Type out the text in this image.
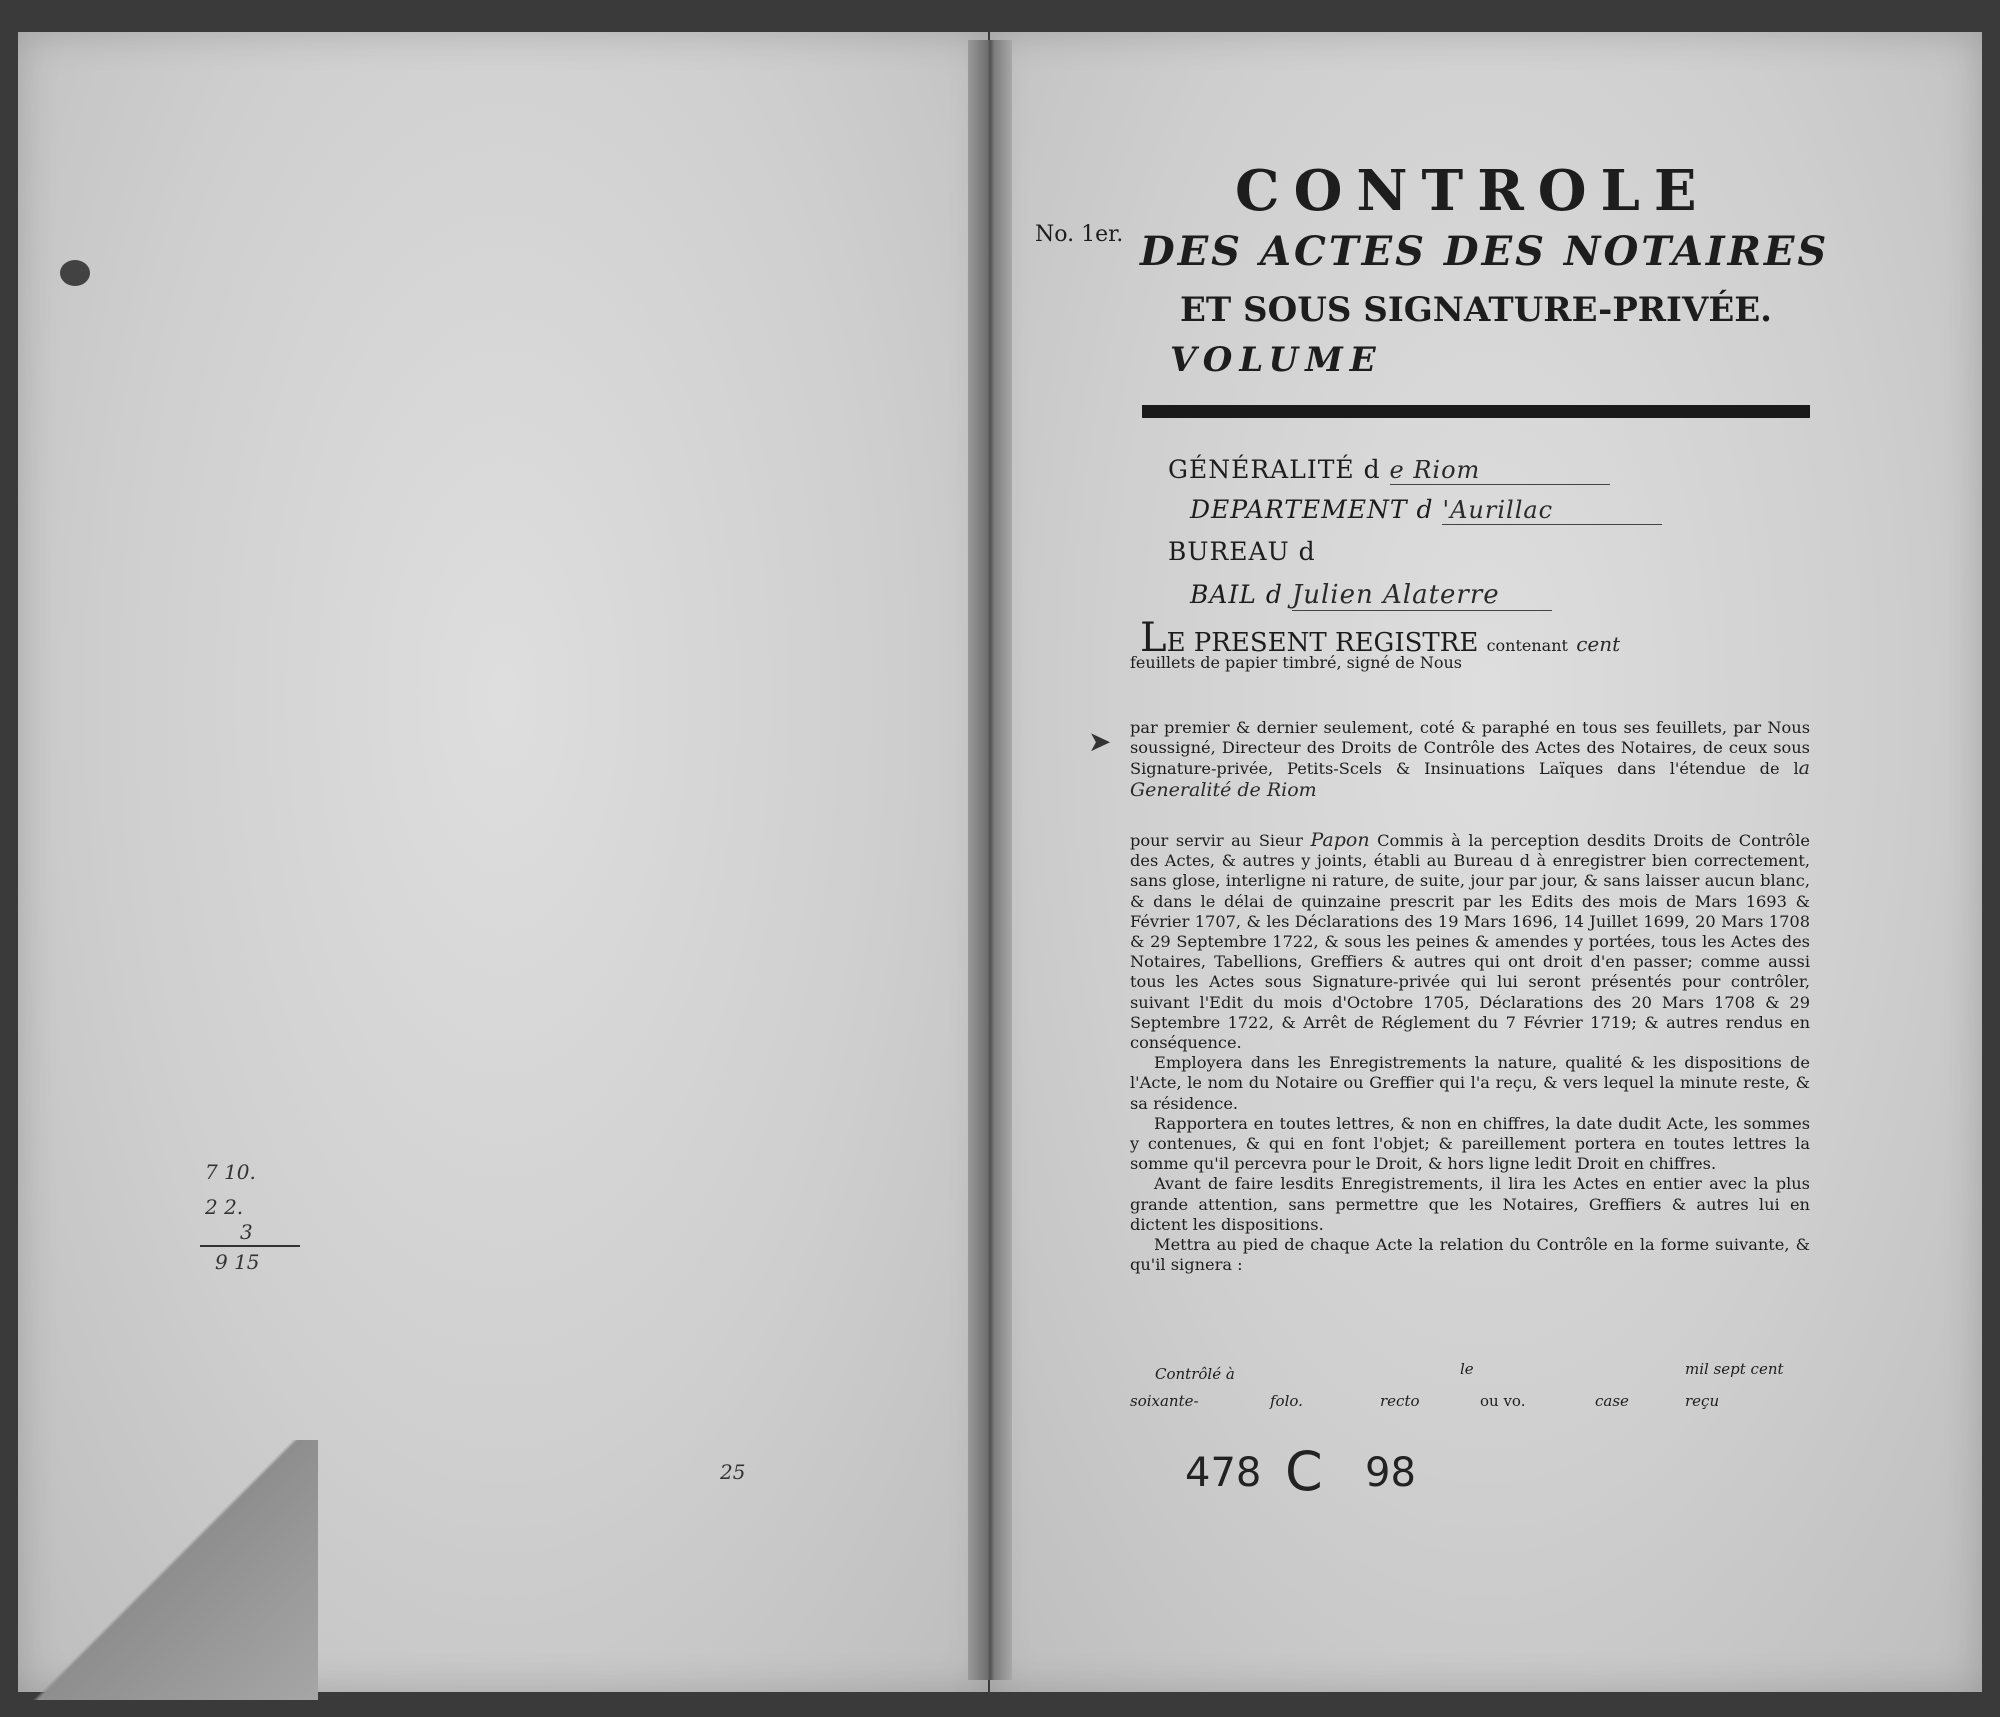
7 10.
2 2.
3
9 15
25
No. 1er.
CONTROLE
DES ACTES DES NOTAIRES
ET SOUS SIGNATURE-PRIVÉE.
VOLUME
GÉNÉRALITÉ d e Riom
DEPARTEMENT d 'Aurillac
BUREAU d
BAIL d Julien Alaterre
LE PRESENT REGISTRE contenant cent
feuillets de papier timbré, signé de Nous
➤ par premier & dernier seulement, coté & paraphé en tous ses feuillets, par Nous soussigné, Directeur des Droits de Contrôle des Actes des Notaires, de ceux sous Signature-privée, Petits-Scels & Insinuations Laïques dans l'étendue de la Generalité de Riom

pour servir au Sieur Papon Commis à la perception desdits Droits de Contrôle des Actes, & autres y joints, établi au Bureau d à enregistrer bien correctement, sans glose, interligne ni rature, de suite, jour par jour, & sans laisser aucun blanc, & dans le délai de quinzaine prescrit par les Edits des mois de Mars 1693 & Février 1707, & les Déclarations des 19 Mars 1696, 14 Juillet 1699, 20 Mars 1708 & 29 Septembre 1722, & sous les peines & amendes y portées, tous les Actes des Notaires, Tabellions, Greffiers & autres qui ont droit d'en passer; comme aussi tous les Actes sous Signature-privée qui lui seront présentés pour contrôler, suivant l'Edit du mois d'Octobre 1705, Déclarations des 20 Mars 1708 & 29 Septembre 1722, & Arrêt de Réglement du 7 Février 1719; & autres rendus en conséquence.

Employera dans les Enregistrements la nature, qualité & les dispositions de l'Acte, le nom du Notaire ou Greffier qui l'a reçu, & vers lequel la minute reste, & sa résidence.

Rapportera en toutes lettres, & non en chiffres, la date dudit Acte, les sommes y contenues, & qui en font l'objet; & pareillement portera en toutes lettres la somme qu'il percevra pour le Droit, & hors ligne ledit Droit en chiffres.

Avant de faire lesdits Enregistrements, il lira les Actes en entier avec la plus grande attention, sans permettre que les Notaires, Greffiers & autres lui en dictent les dispositions.

Mettra au pied de chaque Acte la relation du Contrôle en la forme suivante, & qu'il signera :

Contrôlé à	le	mil sept cent
soixante-	folo.	recto	ou vo.	case	reçu
478 C 98
